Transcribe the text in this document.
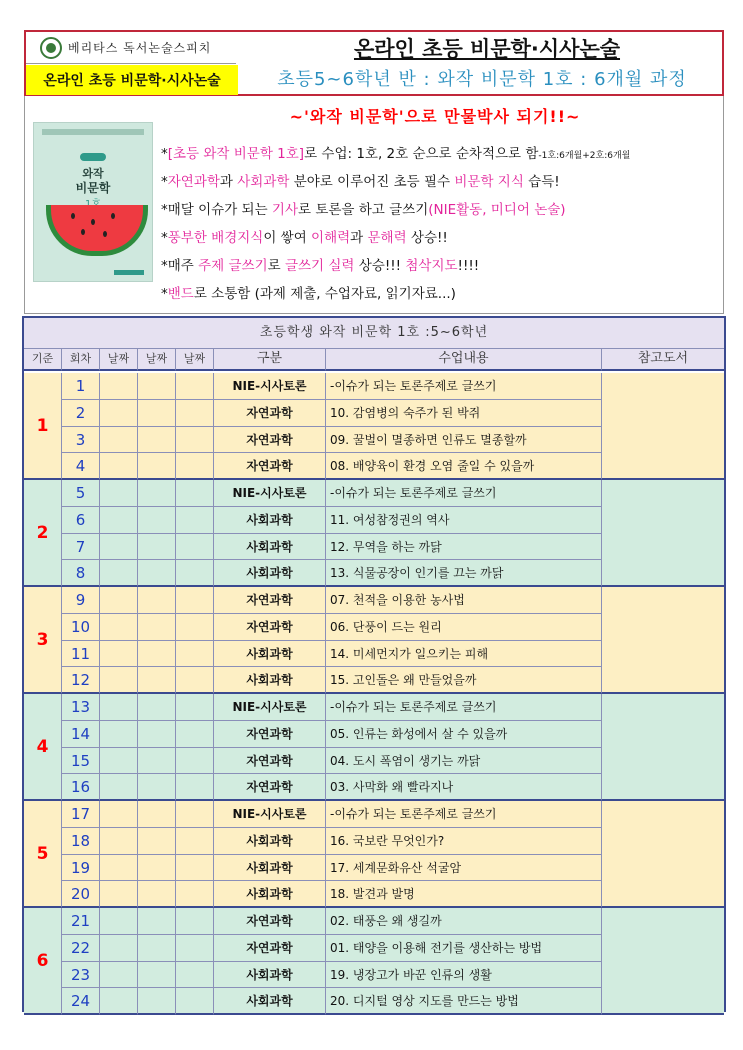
베리타스 독서논술스피치
온라인 초등 비문학·시사논술
온라인 초등 비문학·시사논술
초등5~6학년 반 : 와작 비문학 1호 : 6개월 과정
와작
비문학
~'와작 비문학'으로 만물박사 되기!!~
*[초등 와작 비문학 1호]로 수업: 1호, 2호 순으로 순차적으로 함-1호:6개월+2호:6개월
*자연과학과 사회과학 분야로 이루어진 초등 필수 비문학 지식 습득!
*매달 이슈가 되는 기사로 토론을 하고 글쓰기(NIE활동, 미디어 논술)
*풍부한 배경지식이 쌓여 이해력과 문해력 상승!!
*매주 주제 글쓰기로 글쓰기 실력 상승!!! 첨삭지도!!!!
*밴드로 소통함 (과제 제출, 수업자료, 읽기자료...)
초등학생 와작 비문학 1호 :5~6학년
기준	회차	날짜	날짜	날짜	구분	수업내용	참고도서
1
1	NIE-시사토론	-이슈가 되는 토론주제로 글쓰기
2	자연과학	10. 감염병의 숙주가 된 박쥐
3	자연과학	09. 꿀벌이 멸종하면 인류도 멸종할까
4	자연과학	08. 배양육이 환경 오염 줄일 수 있을까
2
5	NIE-시사토론	-이슈가 되는 토론주제로 글쓰기
6	사회과학	11. 여성참정권의 역사
7	사회과학	12. 무역을 하는 까닭
8	사회과학	13. 식물공장이 인기를 끄는 까닭
3
9	자연과학	07. 천적을 이용한 농사법
10	자연과학	06. 단풍이 드는 원리
11	사회과학	14. 미세먼지가 일으키는 피해
12	사회과학	15. 고인돌은 왜 만들었을까
4
13	NIE-시사토론	-이슈가 되는 토론주제로 글쓰기
14	자연과학	05. 인류는 화성에서 살 수 있을까
15	자연과학	04. 도시 폭염이 생기는 까닭
16	자연과학	03. 사막화 왜 빨라지나
5
17	NIE-시사토론	-이슈가 되는 토론주제로 글쓰기
18	사회과학	16. 국보란 무엇인가?
19	사회과학	17. 세계문화유산 석굴암
20	사회과학	18. 발견과 발명
6
21	자연과학	02. 태풍은 왜 생길까
22	자연과학	01. 태양을 이용해 전기를 생산하는 방법
23	사회과학	19. 냉장고가 바꾼 인류의 생활
24	사회과학	20. 디지털 영상 지도를 만드는 방법
